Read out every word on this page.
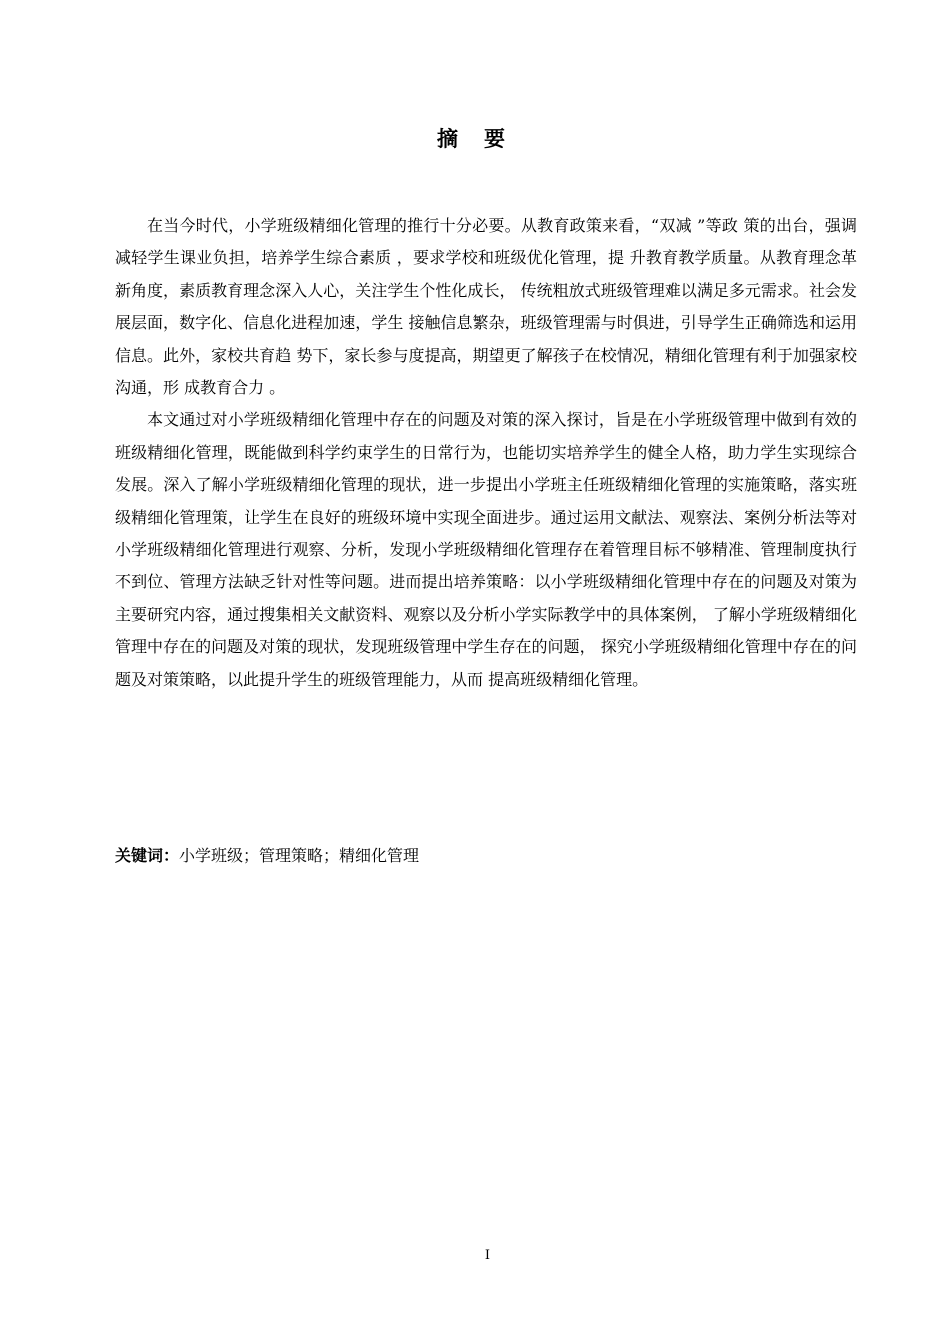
摘要

在当今时代，小学班级精细化管理的推行十分必要。从教育政策来看，“双减 ”等政 策的出台，强调减轻学生课业负担，培养学生综合素质 ，要求学校和班级优化管理，提 升教育教学质量。从教育理念革新角度，素质教育理念深入人心，关注学生个性化成长， 传统粗放式班级管理难以满足多元需求。社会发展层面，数字化、信息化进程加速，学生 接触信息繁杂，班级管理需与时俱进，引导学生正确筛选和运用信息。此外，家校共育趋 势下，家长参与度提高，期望更了解孩子在校情况，精细化管理有利于加强家校沟通，形 成教育合力 。

本文通过对小学班级精细化管理中存在的问题及对策的深入探讨，旨是在小学班级管理中做到有效的班级精细化管理，既能做到科学约束学生的日常行为，也能切实培养学生的健全人格，助力学生实现综合发展。深入了解小学班级精细化管理的现状，进一步提出小学班主任班级精细化管理的实施策略，落实班级精细化管理策，让学生在良好的班级环境中实现全面进步。通过运用文献法、观察法、案例分析法等对小学班级精细化管理进行观察、分析，发现小学班级精细化管理存在着管理目标不够精准、管理制度执行不到位、管理方法缺乏针对性等问题。进而提出培养策略：以小学班级精细化管理中存在的问题及对策为主要研究内容，通过搜集相关文献资料、观察以及分析小学实际教学中的具体案例， 了解小学班级精细化管理中存在的问题及对策的现状，发现班级管理中学生存在的问题， 探究小学班级精细化管理中存在的问题及对策策略，以此提升学生的班级管理能力，从而 提高班级精细化管理。

关键词：小学班级；管理策略；精细化管理
I
